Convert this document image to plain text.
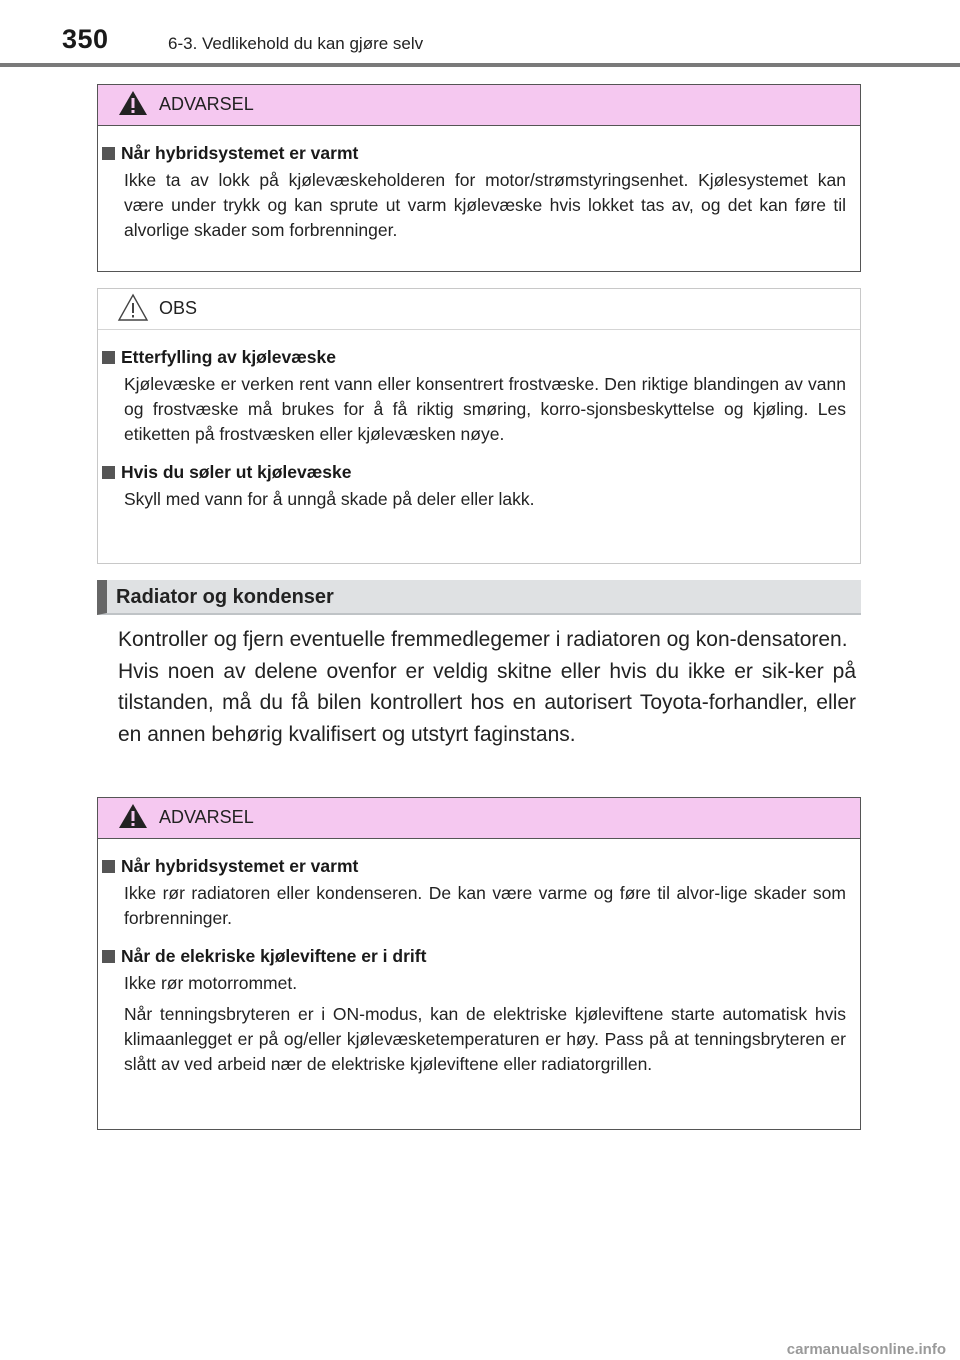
350	6-3. Vedlikehold du kan gjøre selv
ADVARSEL
Når hybridsystemet er varmt

Ikke ta av lokk på kjølevæskeholderen for motor/strømstyringsenhet. Kjølesystemet kan være under trykk og kan sprute ut varm kjølevæske hvis lokket tas av, og det kan føre til alvorlige skader som forbrenninger.

OBS
Etterfylling av kjølevæske

Kjølevæske er verken rent vann eller konsentrert frostvæske. Den riktige blandingen av vann og frostvæske må brukes for å få riktig smøring, korro-sjonsbeskyttelse og kjøling. Les etiketten på frostvæsken eller kjølevæsken nøye.

Hvis du søler ut kjølevæske

Skyll med vann for å unngå skade på deler eller lakk.

Radiator og kondenser

Kontroller og fjern eventuelle fremmedlegemer i radiatoren og kon-densatoren.

Hvis noen av delene ovenfor er veldig skitne eller hvis du ikke er sik-ker på tilstanden, må du få bilen kontrollert hos en autorisert Toyota-forhandler, eller en annen behørig kvalifisert og utstyrt faginstans.

ADVARSEL
Når hybridsystemet er varmt

Ikke rør radiatoren eller kondenseren. De kan være varme og føre til alvor-lige skader som forbrenninger.

Når de elekriske kjøleviftene er i drift

Ikke rør motorrommet.

Når tenningsbryteren er i ON-modus, kan de elektriske kjøleviftene starte automatisk hvis klimaanlegget er på og/eller kjølevæsketemperaturen er høy. Pass på at tenningsbryteren er slått av ved arbeid nær de elektriske kjøleviftene eller radiatorgrillen.

carmanualsonline.info
